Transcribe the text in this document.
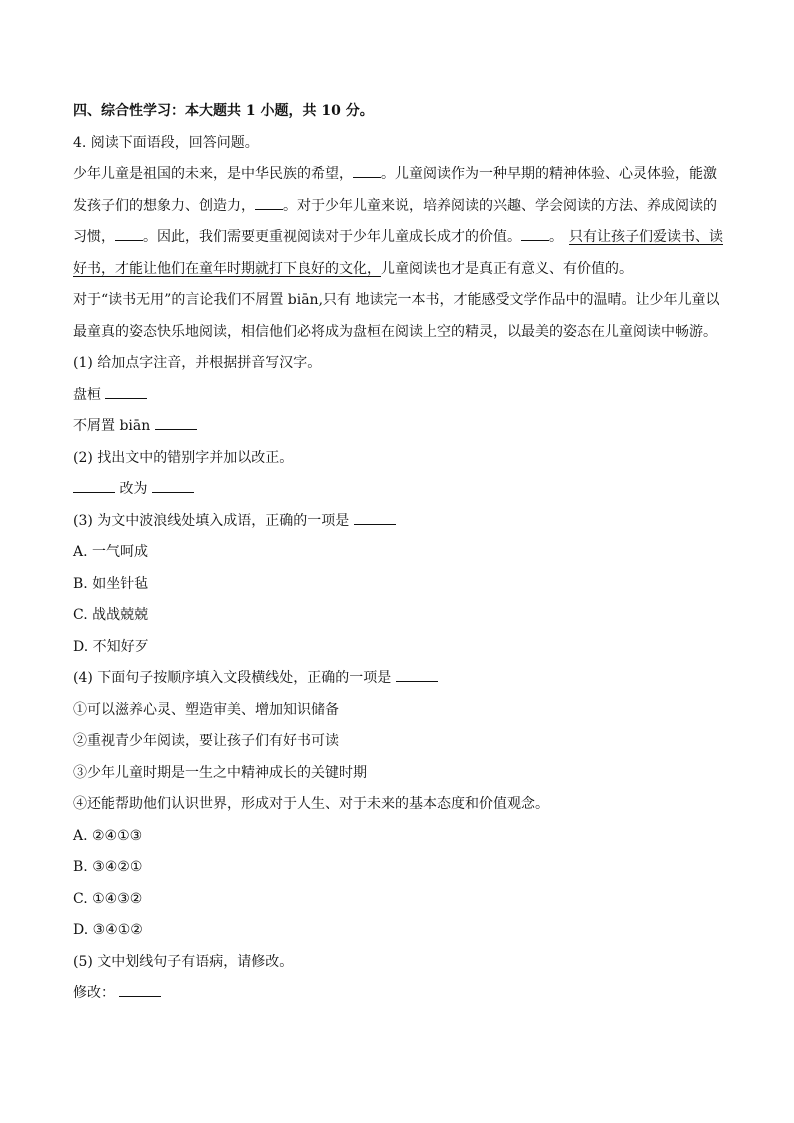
四、综合性学习：本大题共 1 小题，共 10 分。
4. 阅读下面语段，回答问题。
少年儿童是祖国的未来，是中华民族的希望， 。儿童阅读作为一种早期的精神体验、心灵体验，能激发孩子们的想象力、创造力， 。对于少年儿童来说，培养阅读的兴趣、学会阅读的方法、养成阅读的习惯， 。因此，我们需要更重视阅读对于少年儿童成长成才的价值。 。 只有让孩子们爱读书、读好书，才能让他们在童年时期就打下良好的文化，儿童阅读也才是真正有意义、有价值的。
对于“读书无用”的言论我们不屑置 biān,只有 地读完一本书，才能感受文学作品中的温晴。让少年儿童以最童真的姿态快乐地阅读，相信他们必将成为盘桓在阅读上空的精灵，以最美的姿态在儿童阅读中畅游。
(1) 给加点字注音，并根据拼音写汉字。
盘桓
不屑置 biān
(2) 找出文中的错别字并加以改正。
改为
(3) 为文中波浪线处填入成语，正确的一项是
A. 一气呵成
B. 如坐针毡
C. 战战兢兢
D. 不知好歹
(4) 下面句子按顺序填入文段横线处，正确的一项是
①可以滋养心灵、塑造审美、增加知识储备
②重视青少年阅读，要让孩子们有好书可读
③少年儿童时期是一生之中精神成长的关键时期
④还能帮助他们认识世界，形成对于人生、对于未来的基本态度和价值观念。
A. ②④①③
B. ③④②①
C. ①④③②
D. ③④①②
(5) 文中划线句子有语病，请修改。
修改：
